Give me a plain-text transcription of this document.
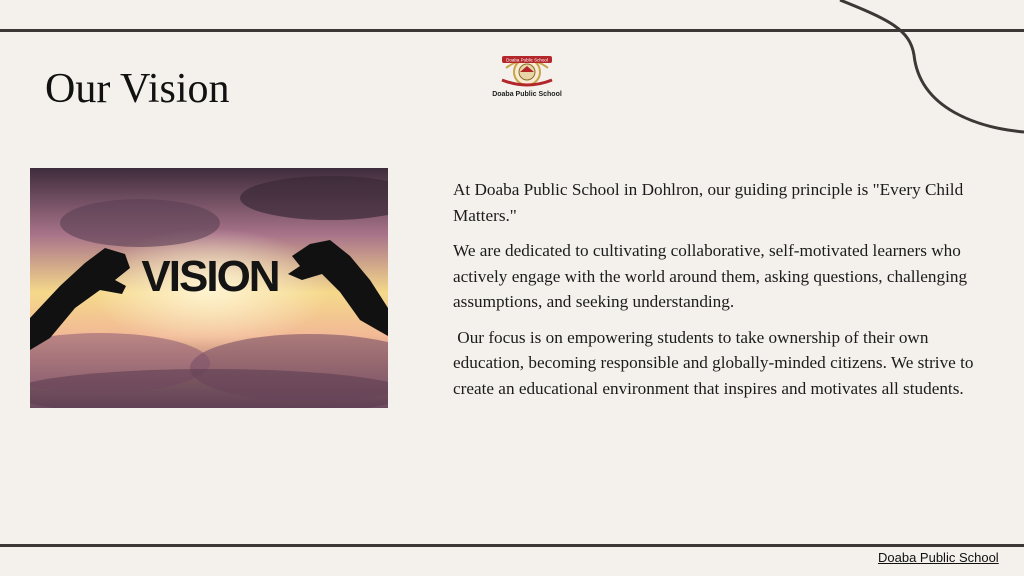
Our Vision
Doaba Public School
Doaba Public School
VISION

At Doaba Public School in Dohlron, our guiding principle is "Every Child Matters."

We are dedicated to cultivating collaborative, self-motivated learners who actively engage with the world around them, asking questions, challenging assumptions, and seeking understanding.

Our focus is on empowering students to take ownership of their own education, becoming responsible and globally-minded citizens. We strive to create an educational environment that inspires and motivates all students.

Doaba Public School
